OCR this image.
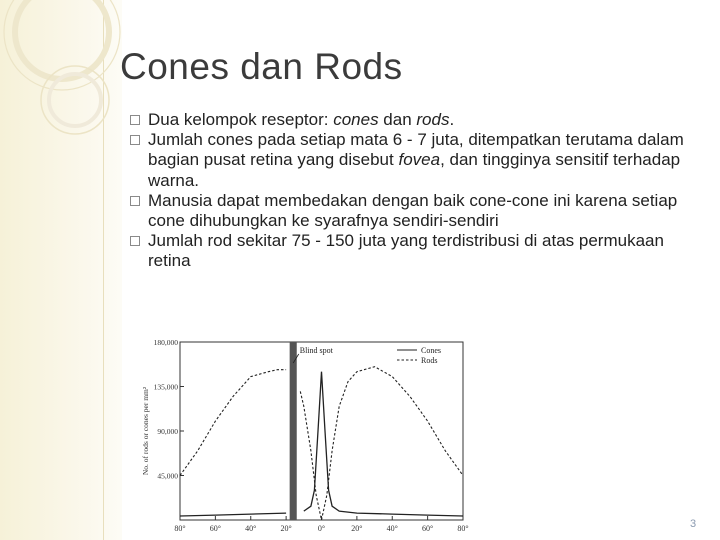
Cones dan Rods
Dua kelompok reseptor: cones dan rods.
Jumlah cones pada setiap mata 6 - 7 juta, ditempatkan terutama dalam bagian pusat retina yang disebut fovea, dan tingginya sensitif terhadap warna.
Manusia dapat membedakan dengan baik cone-cone ini karena setiap cone dihubungkan ke syarafnya sendiri-sendiri
Jumlah rod sekitar 75 - 150 juta yang terdistribusi di atas permukaan retina
180,000
135,000
90,000
45,000
80°	60°	40°	20°	0°	20°	40°	60°	80°
No. of rods or cones per mm²
Blind spot	Cones
Rods
3
